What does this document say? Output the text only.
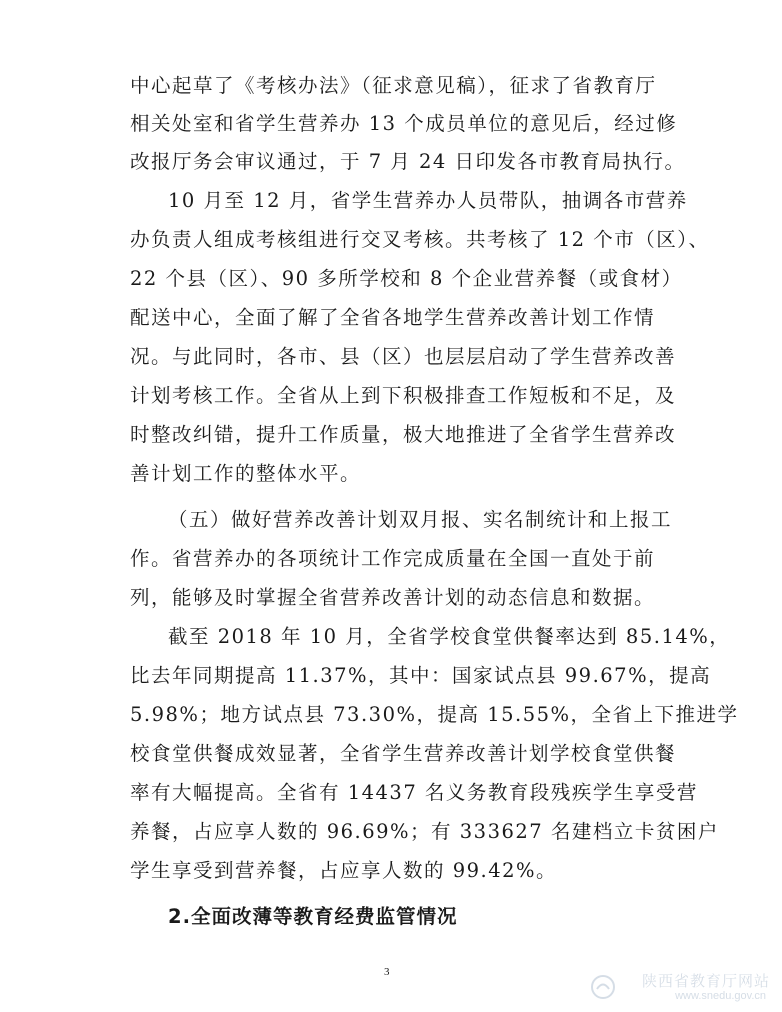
中心起草了《考核办法》（征求意见稿），征求了省教育厅
相关处室和省学生营养办 13 个成员单位的意见后，经过修
改报厅务会审议通过，于 7 月 24 日印发各市教育局执行。
10 月至 12 月，省学生营养办人员带队，抽调各市营养
办负责人组成考核组进行交叉考核。共考核了 12 个市（区）、
22 个县（区）、90 多所学校和 8 个企业营养餐（或食材）
配送中心，全面了解了全省各地学生营养改善计划工作情
况。与此同时，各市、县（区）也层层启动了学生营养改善
计划考核工作。全省从上到下积极排查工作短板和不足，及
时整改纠错，提升工作质量，极大地推进了全省学生营养改
善计划工作的整体水平。
（五）做好营养改善计划双月报、实名制统计和上报工
作。省营养办的各项统计工作完成质量在全国一直处于前
列，能够及时掌握全省营养改善计划的动态信息和数据。
截至 2018 年 10 月，全省学校食堂供餐率达到 85.14%，
比去年同期提高 11.37%，其中：国家试点县 99.67%，提高
5.98%；地方试点县 73.30%，提高 15.55%，全省上下推进学
校食堂供餐成效显著，全省学生营养改善计划学校食堂供餐
率有大幅提高。全省有 14437 名义务教育段残疾学生享受营
养餐，占应享人数的 96.69%；有 333627 名建档立卡贫困户
学生享受到营养餐，占应享人数的 99.42%。
2.全面改薄等教育经费监管情况
3	陕西省教育厅网站
www.snedu.gov.cn
